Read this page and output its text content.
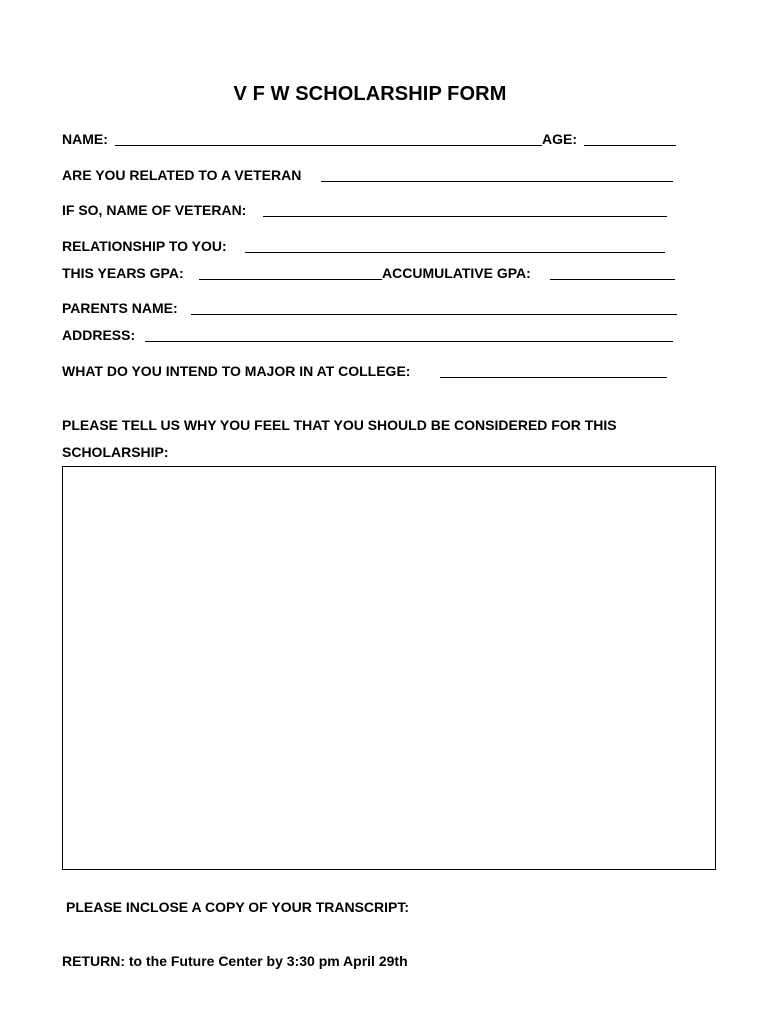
V F W SCHOLARSHIP FORM
NAME:	AGE:
ARE YOU RELATED TO A VETERAN
IF SO, NAME OF VETERAN:
RELATIONSHIP TO YOU:
THIS YEARS GPA:	ACCUMULATIVE GPA:
PARENTS NAME:
ADDRESS:
WHAT DO YOU INTEND TO MAJOR IN AT COLLEGE:
PLEASE TELL US WHY YOU FEEL THAT YOU SHOULD BE CONSIDERED FOR THIS
SCHOLARSHIP:
PLEASE INCLOSE A COPY OF YOUR TRANSCRIPT:
RETURN: to the Future Center by 3:30 pm April 29th
